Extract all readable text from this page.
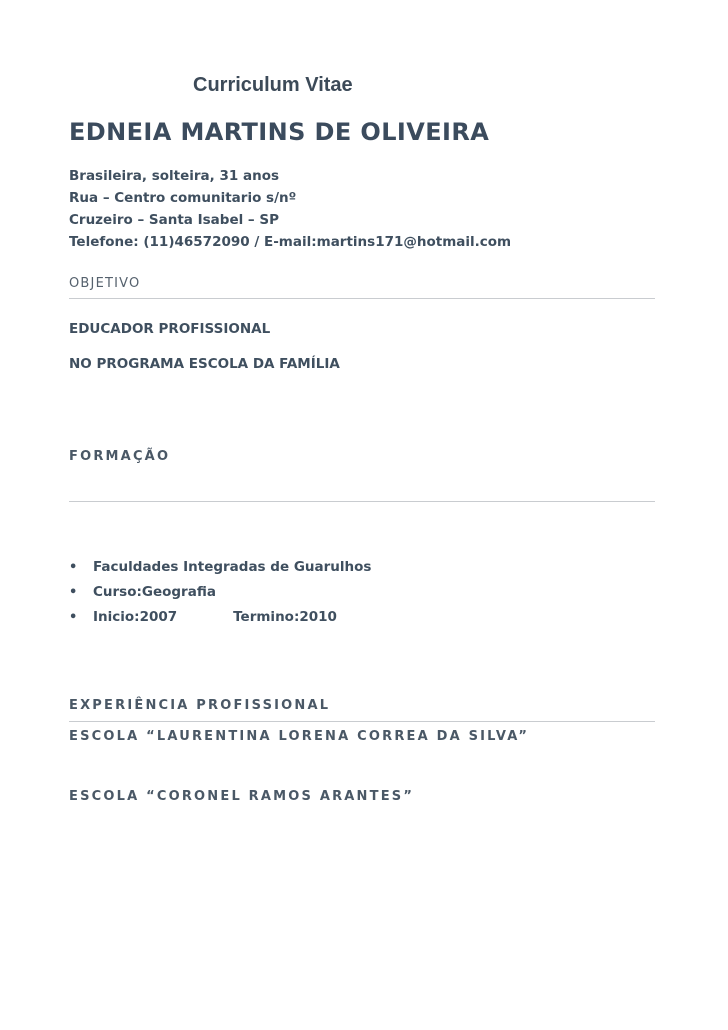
Curriculum Vitae
EDNEIA MARTINS DE OLIVEIRA
Brasileira, solteira, 31 anos
Rua – Centro comunitario s/nº
Cruzeiro – Santa Isabel – SP
Telefone: (11)46572090 / E-mail:martins171@hotmail.com
OBJETIVO
EDUCADOR PROFISSIONAL
NO PROGRAMA ESCOLA DA FAMÍLIA
FORMAÇÃO
• Faculdades Integradas de Guarulhos
• Curso:Geografia
• Inicio:2007	Termino:2010
EXPERIÊNCIA PROFISSIONAL
ESCOLA “LAURENTINA LORENA CORREA DA SILVA”
ESCOLA “CORONEL RAMOS ARANTES”
